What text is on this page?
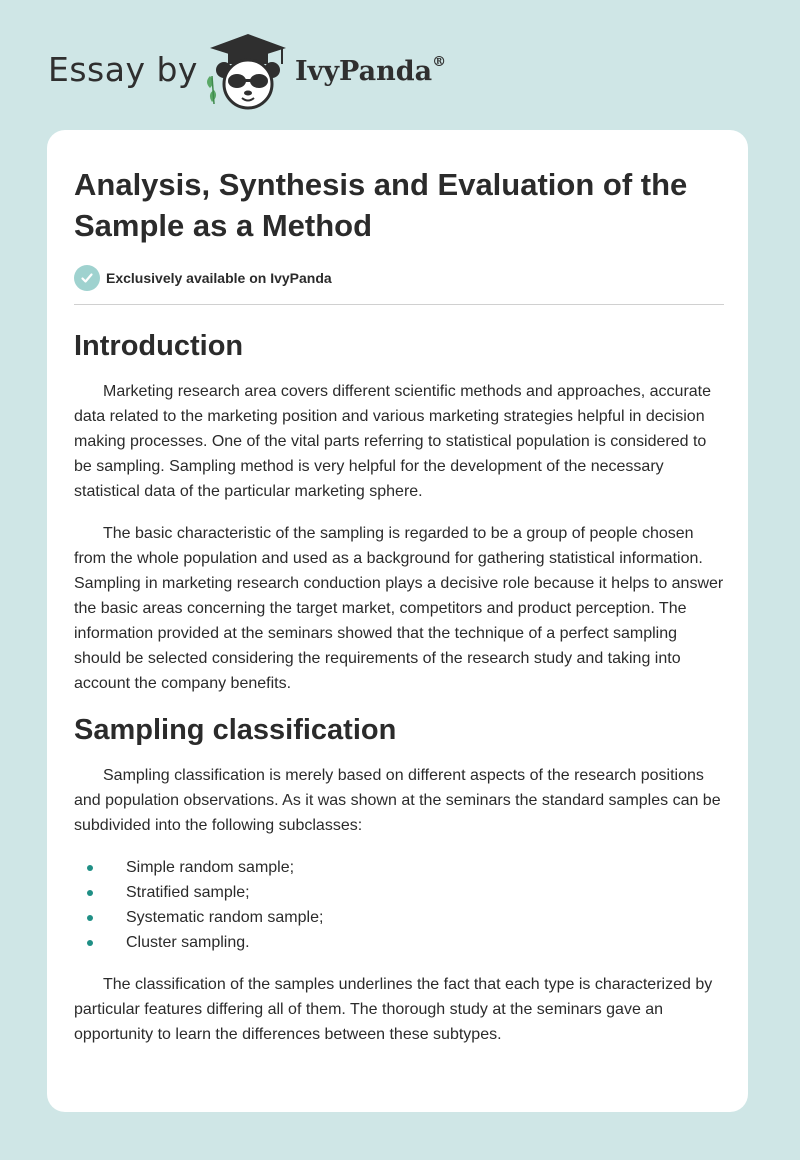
Essay by	IvyPanda®
Analysis, Synthesis and Evaluation of the Sample as a Method
Exclusively available on IvyPanda
Introduction

Marketing research area covers different scientific methods and approaches, accurate data related to the marketing position and various marketing strategies helpful in decision making processes. One of the vital parts referring to statistical population is considered to be sampling. Sampling method is very helpful for the development of the necessary statistical data of the particular marketing sphere.

The basic characteristic of the sampling is regarded to be a group of people chosen from the whole population and used as a background for gathering statistical information. Sampling in marketing research conduction plays a decisive role because it helps to answer the basic areas concerning the target market, competitors and product perception. The information provided at the seminars showed that the technique of a perfect sampling should be selected considering the requirements of the research study and taking into account the company benefits.

Sampling classification

Sampling classification is merely based on different aspects of the research positions and population observations. As it was shown at the seminars the standard samples can be subdivided into the following subclasses:

Simple random sample;
Stratified sample;
Systematic random sample;
Cluster sampling.

The classification of the samples underlines the fact that each type is characterized by particular features differing all of them. The thorough study at the seminars gave an opportunity to learn the differences between these subtypes.
